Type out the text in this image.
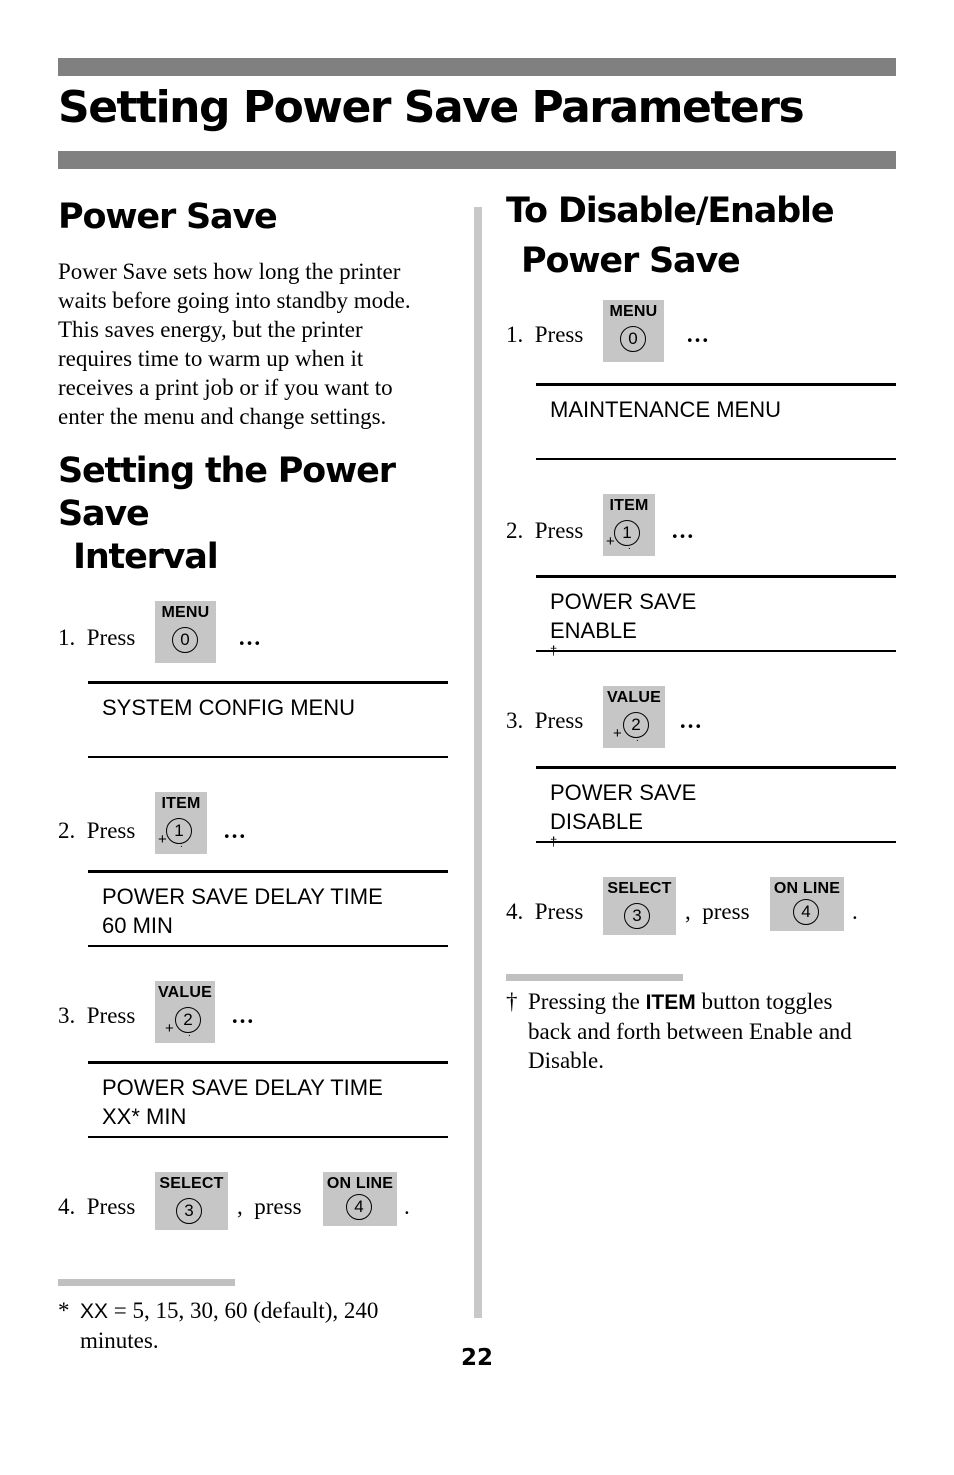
Setting Power Save Parameters
Power Save
Power Save sets how long the printer
waits before going into standby mode.
This saves energy, but the printer
requires time to warm up when it
receives a print job or if you want to
enter the menu and change settings.
Setting the Power Save
Interval
1. Press
MENU
0	…
SYSTEM CONFIG MENU
2. Press
ITEM
1
+ .
…
POWER SAVE DELAY TIME
60 MIN
3. Press
VALUE
2
+ .
…
POWER SAVE DELAY TIME
XX* MIN
4. Press
SELECT
3	, press
ON LINE
4	.
* XX = 5, 15, 30, 60 (default), 240
minutes.
To Disable/Enable
Power Save
1. Press
MENU
0	…
MAINTENANCE MENU
2. Press
ITEM
1
+ .
…
POWER SAVE
ENABLE
†
3. Press
VALUE
2
+ .
…
POWER SAVE
DISABLE
†
4. Press
SELECT
3	, press
ON LINE
4	.
† Pressing the ITEM button toggles
back and forth between Enable and
Disable.
22
